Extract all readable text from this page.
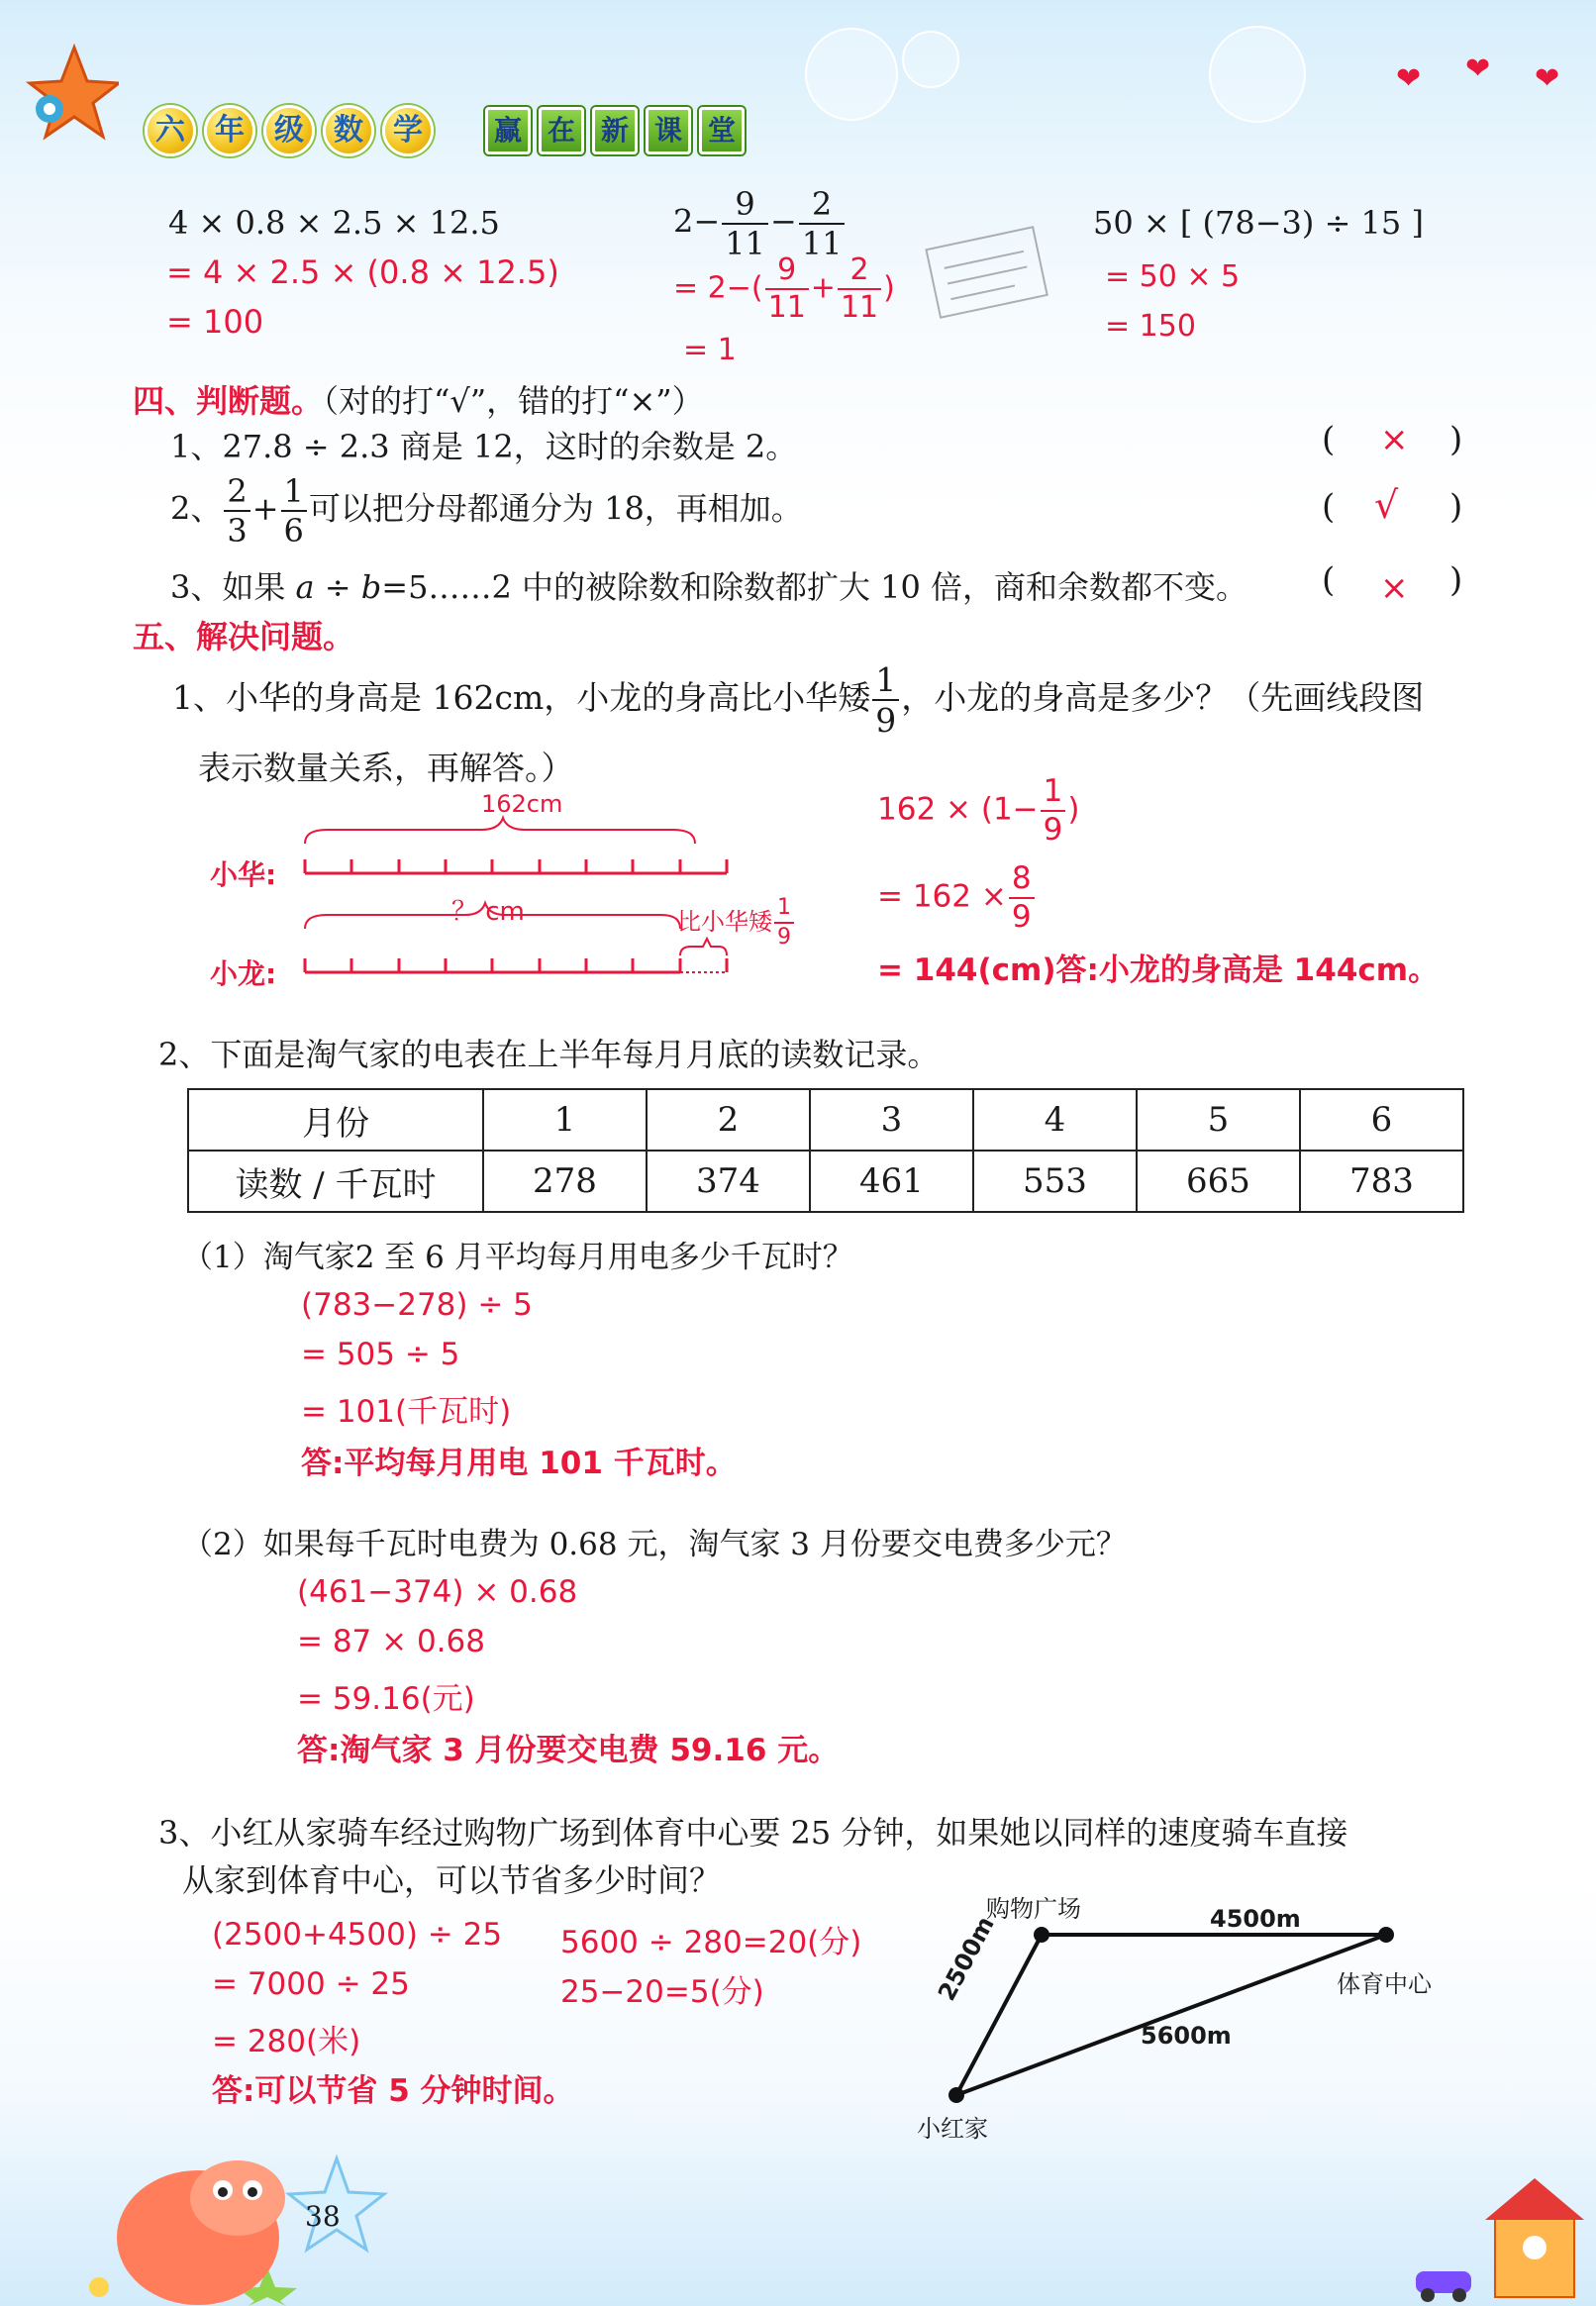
❤ ❤ ❤
六	年	级	数	学	赢 在 新 课 堂
4 × 0.8 × 2.5 × 12.5
= 4 × 2.5 × (0.8 × 12.5)
= 100
$2- \frac{9}{11} - \frac{2}{11}$
= $2-( \frac{9}{11} + \frac{2}{11}$ )
= 1
50 × [ (78−3) ÷ 15 ]
= 50 × 5
= 150
四、判断题。（对的打“√”，错的打“×”）
1、27.8 ÷ 2.3 商是 12，这时的余数是 2。	( × )
2、 $\frac{2}{3} + \frac{1}{6}$ 可以把分母都通分为 18，再相加。	( √ )
3、如果 a ÷ b=5……2 中的被除数和除数都扩大 10 倍，商和余数都不变。 ( × )
五、解决问题。
1、小华的身高是 162cm，小龙的身高比小华矮 $\frac{1}{9}$ ，小龙的身高是多少？（先画线段图
表示数量关系，再解答。）
162cm
小华:
？ cm	比小华矮 $\frac{1}{9}$
小龙:
$162 \times (1- \frac{1}{9}$ )
= $162 \times \frac{8}{9}$
= 144(cm)答:小龙的身高是 144cm。
2、下面是淘气家的电表在上半年每月月底的读数记录。
月份	1	2	3	4	5	6
读数 / 千瓦时	278	374	461	553	665	783
（1）淘气家2 至 6 月平均每月用电多少千瓦时？
(783−278) ÷ 5
= 505 ÷ 5
= 101(千瓦时)
答:平均每月用电 101 千瓦时。
（2）如果每千瓦时电费为 0.68 元，淘气家 3 月份要交电费多少元？
(461−374) × 0.68
= 87 × 0.68
= 59.16(元)
答:淘气家 3 月份要交电费 59.16 元。
3、小红从家骑车经过购物广场到体育中心要 25 分钟，如果她以同样的速度骑车直接
从家到体育中心，可以节省多少时间？
(2500+4500) ÷ 25
= 7000 ÷ 25
= 280(米)
答:可以节省 5 分钟时间。
5600 ÷ 280=20(分)
25−20=5(分)
购物广场
体育中心
小红家
4500m
5600m
2500m
38
